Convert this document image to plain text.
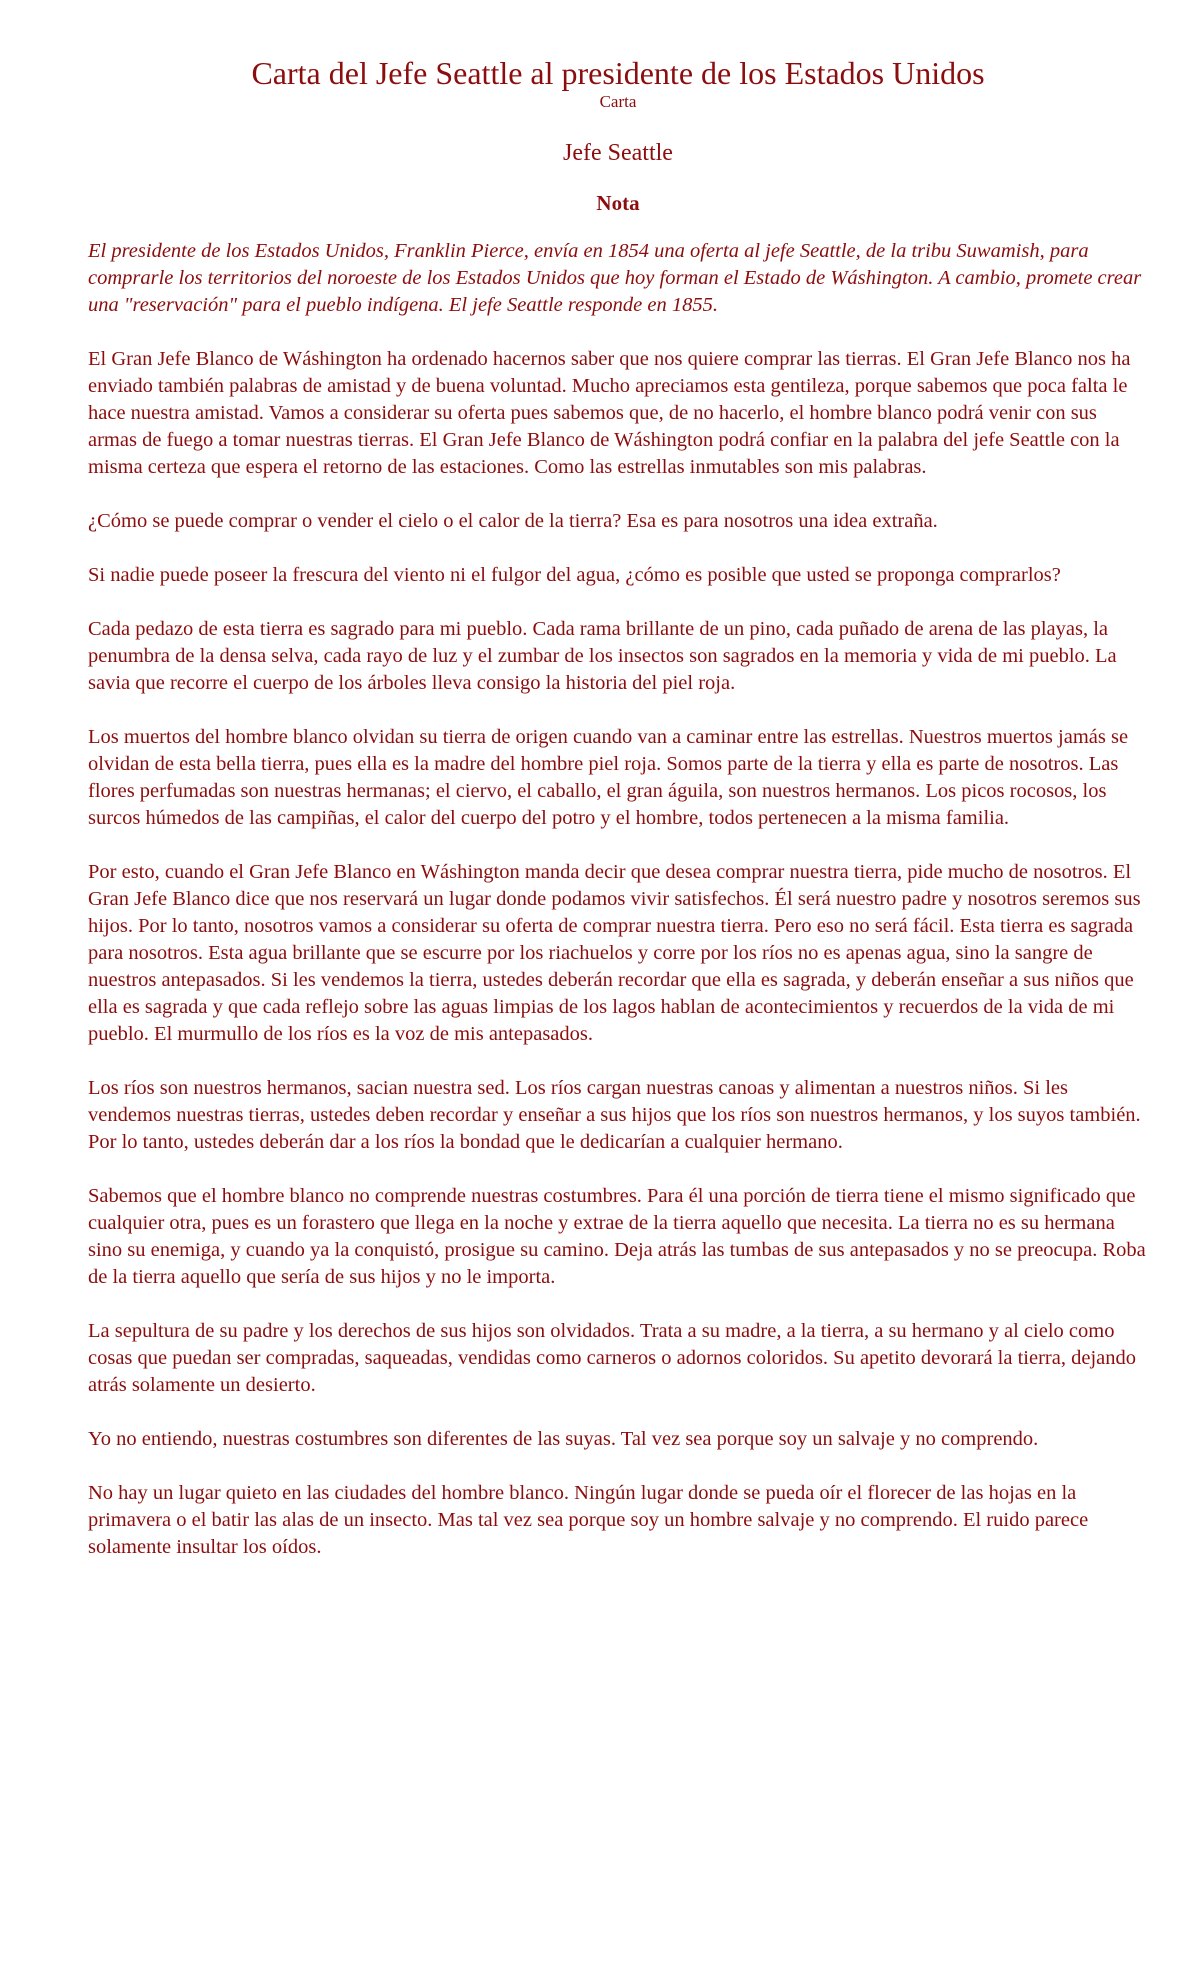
Carta del Jefe Seattle al presidente de los Estados Unidos
Carta
Jefe Seattle
Nota

El presidente de los Estados Unidos, Franklin Pierce, envía en 1854 una oferta al jefe Seattle, de la tribu Suwamish, para comprarle los territorios del noroeste de los Estados Unidos que hoy forman el Estado de Wáshington. A cambio, promete crear una "reservación" para el pueblo indígena. El jefe Seattle responde en 1855.

El Gran Jefe Blanco de Wáshington ha ordenado hacernos saber que nos quiere comprar las tierras. El Gran Jefe Blanco nos ha enviado también palabras de amistad y de buena voluntad. Mucho apreciamos esta gentileza, porque sabemos que poca falta le hace nuestra amistad. Vamos a considerar su oferta pues sabemos que, de no hacerlo, el hombre blanco podrá venir con sus armas de fuego a tomar nuestras tierras. El Gran Jefe Blanco de Wáshington podrá confiar en la palabra del jefe Seattle con la misma certeza que espera el retorno de las estaciones. Como las estrellas inmutables son mis palabras.

¿Cómo se puede comprar o vender el cielo o el calor de la tierra? Esa es para nosotros una idea extraña.

Si nadie puede poseer la frescura del viento ni el fulgor del agua, ¿cómo es posible que usted se proponga comprarlos?

Cada pedazo de esta tierra es sagrado para mi pueblo. Cada rama brillante de un pino, cada puñado de arena de las playas, la penumbra de la densa selva, cada rayo de luz y el zumbar de los insectos son sagrados en la memoria y vida de mi pueblo. La savia que recorre el cuerpo de los árboles lleva consigo la historia del piel roja.

Los muertos del hombre blanco olvidan su tierra de origen cuando van a caminar entre las estrellas. Nuestros muertos jamás se olvidan de esta bella tierra, pues ella es la madre del hombre piel roja. Somos parte de la tierra y ella es parte de nosotros. Las flores perfumadas son nuestras hermanas; el ciervo, el caballo, el gran águila, son nuestros hermanos. Los picos rocosos, los surcos húmedos de las campiñas, el calor del cuerpo del potro y el hombre, todos pertenecen a la misma familia.

Por esto, cuando el Gran Jefe Blanco en Wáshington manda decir que desea comprar nuestra tierra, pide mucho de nosotros. El Gran Jefe Blanco dice que nos reservará un lugar donde podamos vivir satisfechos. Él será nuestro padre y nosotros seremos sus hijos. Por lo tanto, nosotros vamos a considerar su oferta de comprar nuestra tierra. Pero eso no será fácil. Esta tierra es sagrada para nosotros. Esta agua brillante que se escurre por los riachuelos y corre por los ríos no es apenas agua, sino la sangre de nuestros antepasados. Si les vendemos la tierra, ustedes deberán recordar que ella es sagrada, y deberán enseñar a sus niños que ella es sagrada y que cada reflejo sobre las aguas limpias de los lagos hablan de acontecimientos y recuerdos de la vida de mi pueblo. El murmullo de los ríos es la voz de mis antepasados.

Los ríos son nuestros hermanos, sacian nuestra sed. Los ríos cargan nuestras canoas y alimentan a nuestros niños. Si les vendemos nuestras tierras, ustedes deben recordar y enseñar a sus hijos que los ríos son nuestros hermanos, y los suyos también. Por lo tanto, ustedes deberán dar a los ríos la bondad que le dedicarían a cualquier hermano.

Sabemos que el hombre blanco no comprende nuestras costumbres. Para él una porción de tierra tiene el mismo significado que cualquier otra, pues es un forastero que llega en la noche y extrae de la tierra aquello que necesita. La tierra no es su hermana sino su enemiga, y cuando ya la conquistó, prosigue su camino. Deja atrás las tumbas de sus antepasados y no se preocupa. Roba de la tierra aquello que sería de sus hijos y no le importa.

La sepultura de su padre y los derechos de sus hijos son olvidados. Trata a su madre, a la tierra, a su hermano y al cielo como cosas que puedan ser compradas, saqueadas, vendidas como carneros o adornos coloridos. Su apetito devorará la tierra, dejando atrás solamente un desierto.

Yo no entiendo, nuestras costumbres son diferentes de las suyas. Tal vez sea porque soy un salvaje y no comprendo.

No hay un lugar quieto en las ciudades del hombre blanco. Ningún lugar donde se pueda oír el florecer de las hojas en la primavera o el batir las alas de un insecto. Mas tal vez sea porque soy un hombre salvaje y no comprendo. El ruido parece solamente insultar los oídos.
